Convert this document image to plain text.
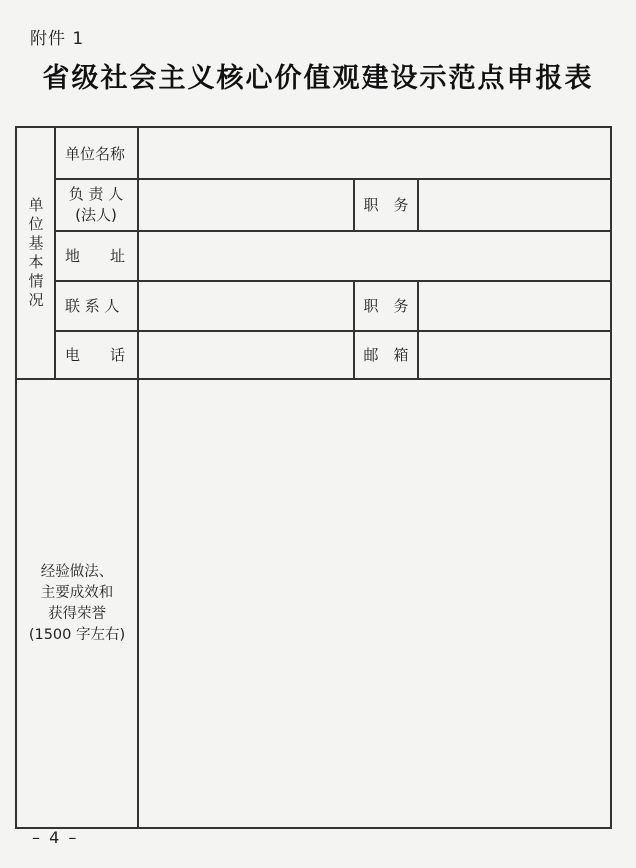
附件 1
省级社会主义核心价值观建设示范点申报表
单位基本情况
单位名称
负 责 人
(法人)
职　务
地　　址
联 系 人	职　务
电　　话	邮　箱
经验做法、
主要成效和
获得荣誉
(1500 字左右)
– 4 –
